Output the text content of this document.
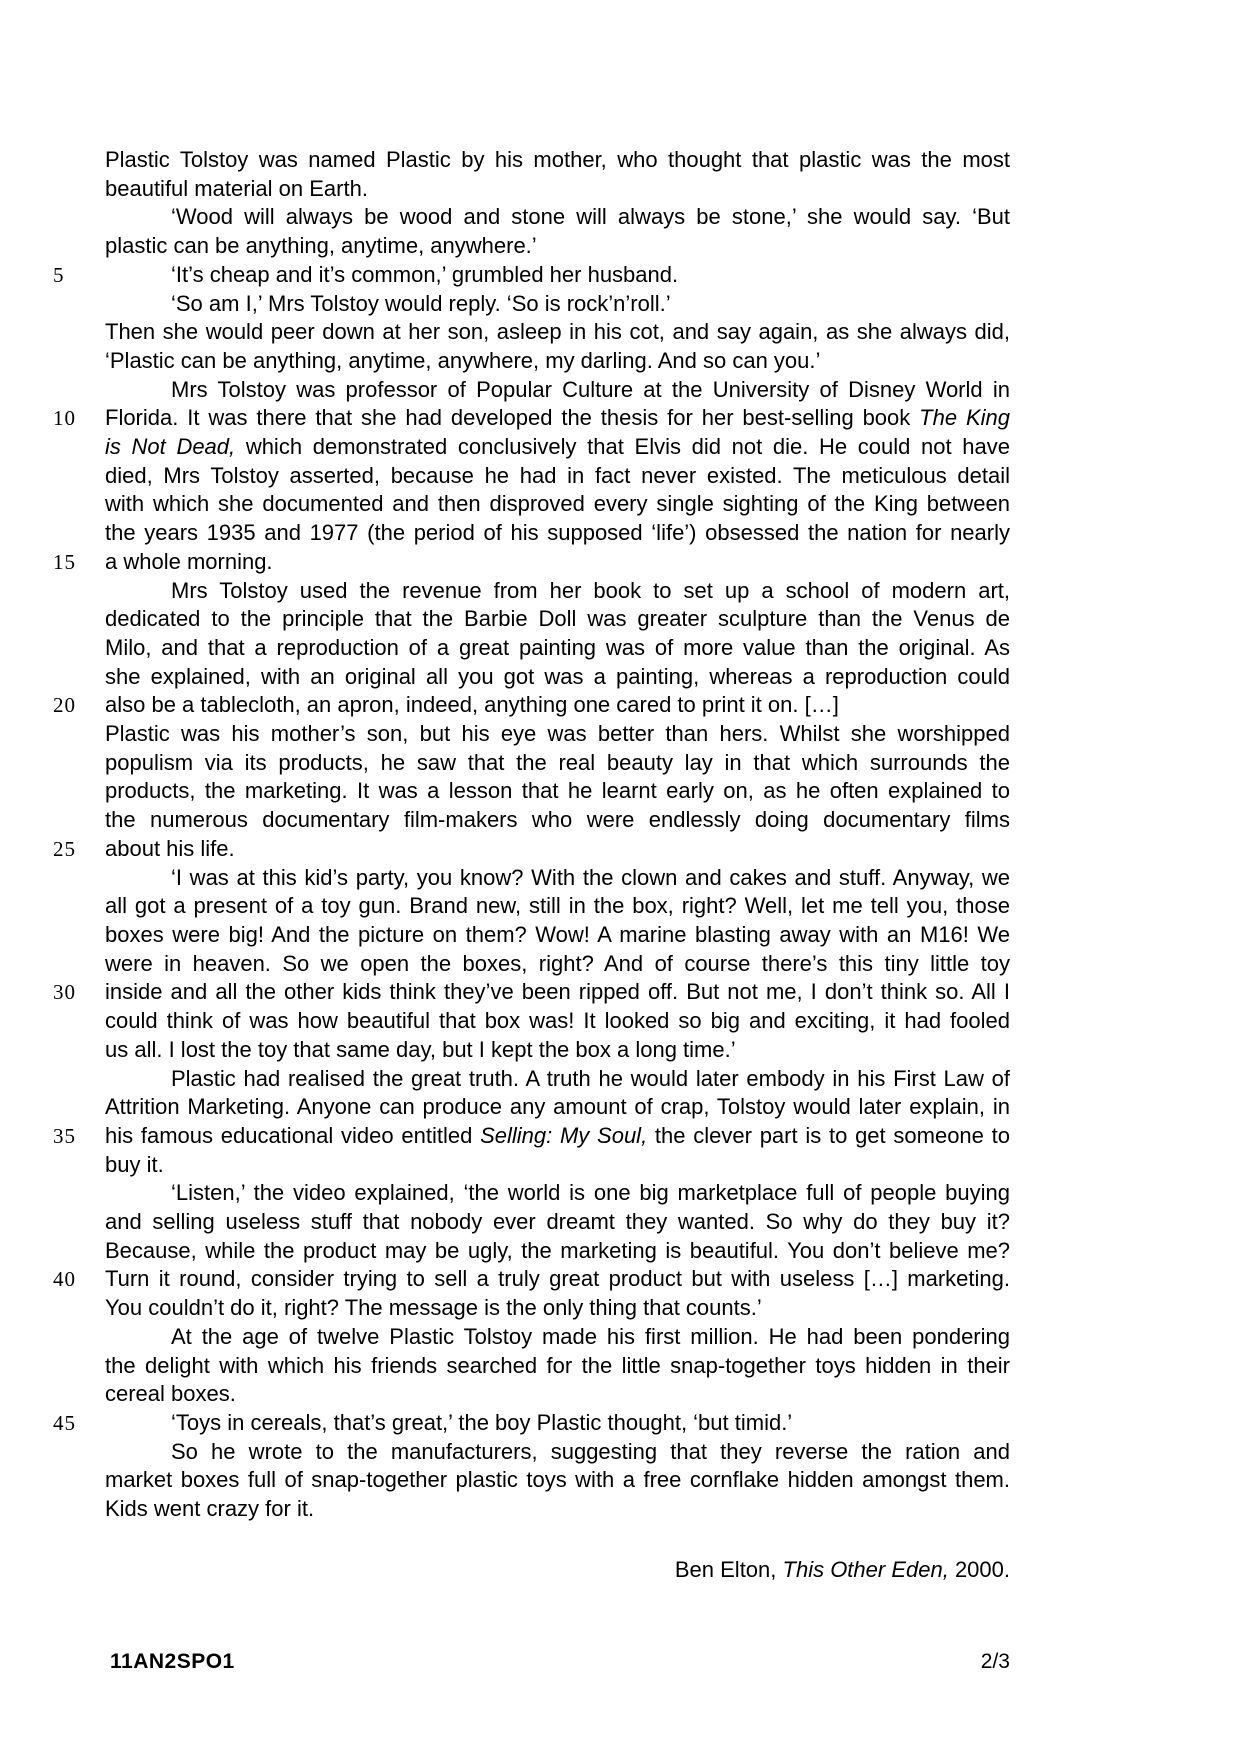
Plastic Tolstoy was named Plastic by his mother, who thought that plastic was the most
beautiful material on Earth.
‘Wood will always be wood and stone will always be stone,’ she would say. ‘But
plastic can be anything, anytime, anywhere.’
5	‘It’s cheap and it’s common,’ grumbled her husband.
‘So am I,’ Mrs Tolstoy would reply. ‘So is rock’n’roll.’
Then she would peer down at her son, asleep in his cot, and say again, as she always did,
‘Plastic can be anything, anytime, anywhere, my darling. And so can you.’
Mrs Tolstoy was professor of Popular Culture at the University of Disney World in
10	Florida. It was there that she had developed the thesis for her best-selling book The King
is Not Dead, which demonstrated conclusively that Elvis did not die. He could not have
died, Mrs Tolstoy asserted, because he had in fact never existed. The meticulous detail
with which she documented and then disproved every single sighting of the King between
the years 1935 and 1977 (the period of his supposed ‘life’) obsessed the nation for nearly
15	a whole morning.
Mrs Tolstoy used the revenue from her book to set up a school of modern art,
dedicated to the principle that the Barbie Doll was greater sculpture than the Venus de
Milo, and that a reproduction of a great painting was of more value than the original. As
she explained, with an original all you got was a painting, whereas a reproduction could
20	also be a tablecloth, an apron, indeed, anything one cared to print it on. […]
Plastic was his mother’s son, but his eye was better than hers. Whilst she worshipped
populism via its products, he saw that the real beauty lay in that which surrounds the
products, the marketing. It was a lesson that he learnt early on, as he often explained to
the numerous documentary film-makers who were endlessly doing documentary films
25	about his life.
‘I was at this kid’s party, you know? With the clown and cakes and stuff. Anyway, we
all got a present of a toy gun. Brand new, still in the box, right? Well, let me tell you, those
boxes were big! And the picture on them? Wow! A marine blasting away with an M16! We
were in heaven. So we open the boxes, right? And of course there’s this tiny little toy
30	inside and all the other kids think they’ve been ripped off. But not me, I don’t think so. All I
could think of was how beautiful that box was! It looked so big and exciting, it had fooled
us all. I lost the toy that same day, but I kept the box a long time.’
Plastic had realised the great truth. A truth he would later embody in his First Law of
Attrition Marketing. Anyone can produce any amount of crap, Tolstoy would later explain, in
35	his famous educational video entitled Selling: My Soul, the clever part is to get someone to
buy it.
‘Listen,’ the video explained, ‘the world is one big marketplace full of people buying
and selling useless stuff that nobody ever dreamt they wanted. So why do they buy it?
Because, while the product may be ugly, the marketing is beautiful. You don’t believe me?
40	Turn it round, consider trying to sell a truly great product but with useless […] marketing.
You couldn’t do it, right? The message is the only thing that counts.’
At the age of twelve Plastic Tolstoy made his first million. He had been pondering
the delight with which his friends searched for the little snap-together toys hidden in their
cereal boxes.
45	‘Toys in cereals, that’s great,’ the boy Plastic thought, ‘but timid.’
So he wrote to the manufacturers, suggesting that they reverse the ration and
market boxes full of snap-together plastic toys with a free cornflake hidden amongst them.
Kids went crazy for it.
Ben Elton, This Other Eden, 2000.
11AN2SPO1	2/3
